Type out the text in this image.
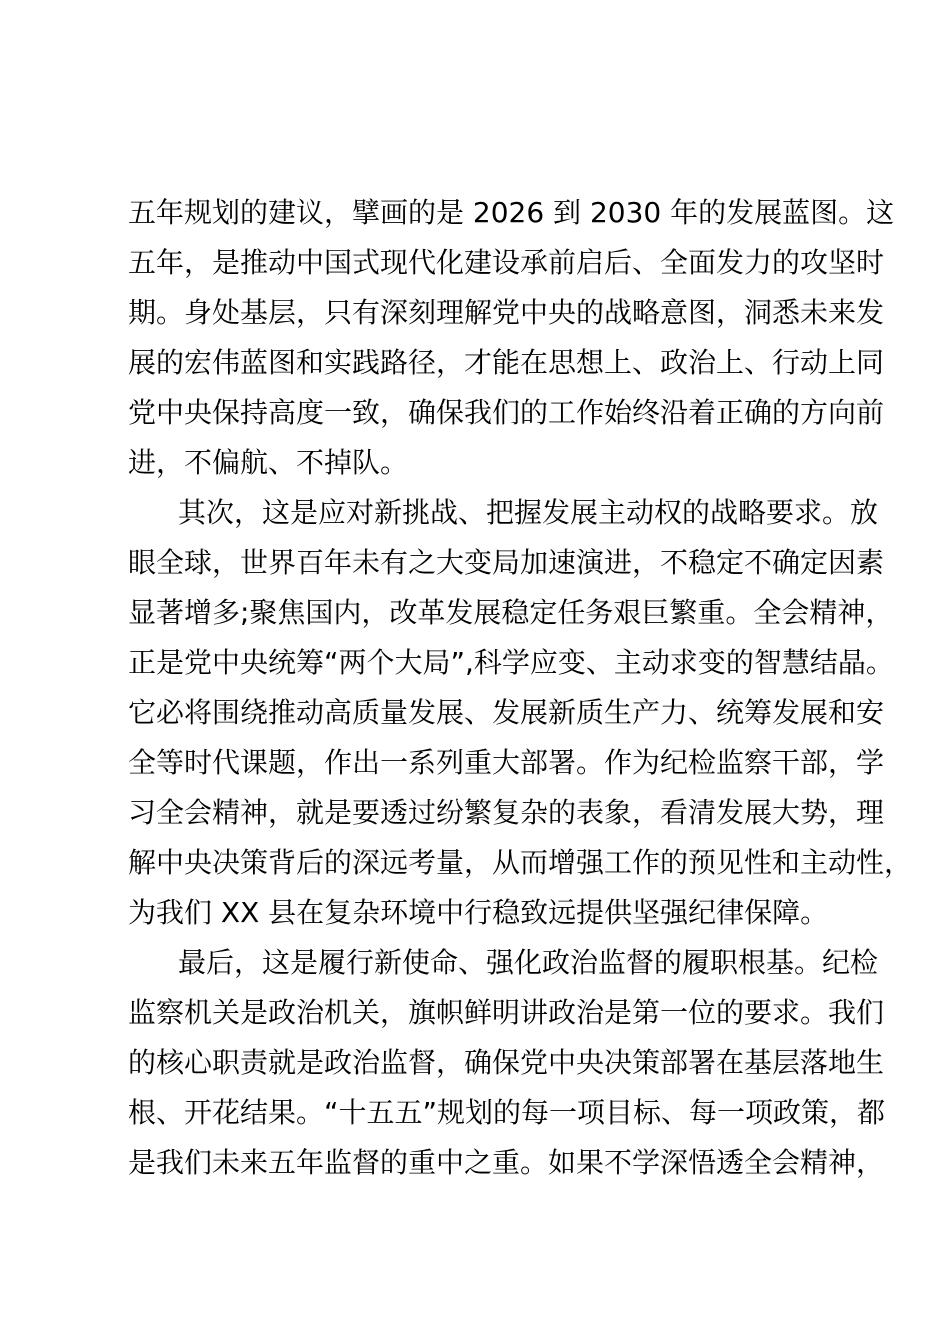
五年规划的建议，擘画的是 2026 到 2030 年的发展蓝图。这
五年，是推动中国式现代化建设承前启后、全面发力的攻坚时
期。身处基层，只有深刻理解党中央的战略意图，洞悉未来发
展的宏伟蓝图和实践路径，才能在思想上、政治上、行动上同
党中央保持高度一致，确保我们的工作始终沿着正确的方向前
进，不偏航、不掉队。
其次，这是应对新挑战、把握发展主动权的战略要求。放
眼全球，世界百年未有之大变局加速演进，不稳定不确定因素
显著增多;聚焦国内，改革发展稳定任务艰巨繁重。全会精神，
正是党中央统筹“两个大局”,科学应变、主动求变的智慧结晶。
它必将围绕推动高质量发展、发展新质生产力、统筹发展和安
全等时代课题，作出一系列重大部署。作为纪检监察干部，学
习全会精神，就是要透过纷繁复杂的表象，看清发展大势，理
解中央决策背后的深远考量，从而增强工作的预见性和主动性，
为我们 XX 县在复杂环境中行稳致远提供坚强纪律保障。
最后，这是履行新使命、强化政治监督的履职根基。纪检
监察机关是政治机关，旗帜鲜明讲政治是第一位的要求。我们
的核心职责就是政治监督，确保党中央决策部署在基层落地生
根、开花结果。“十五五”规划的每一项目标、每一项政策，都
是我们未来五年监督的重中之重。如果不学深悟透全会精神，
